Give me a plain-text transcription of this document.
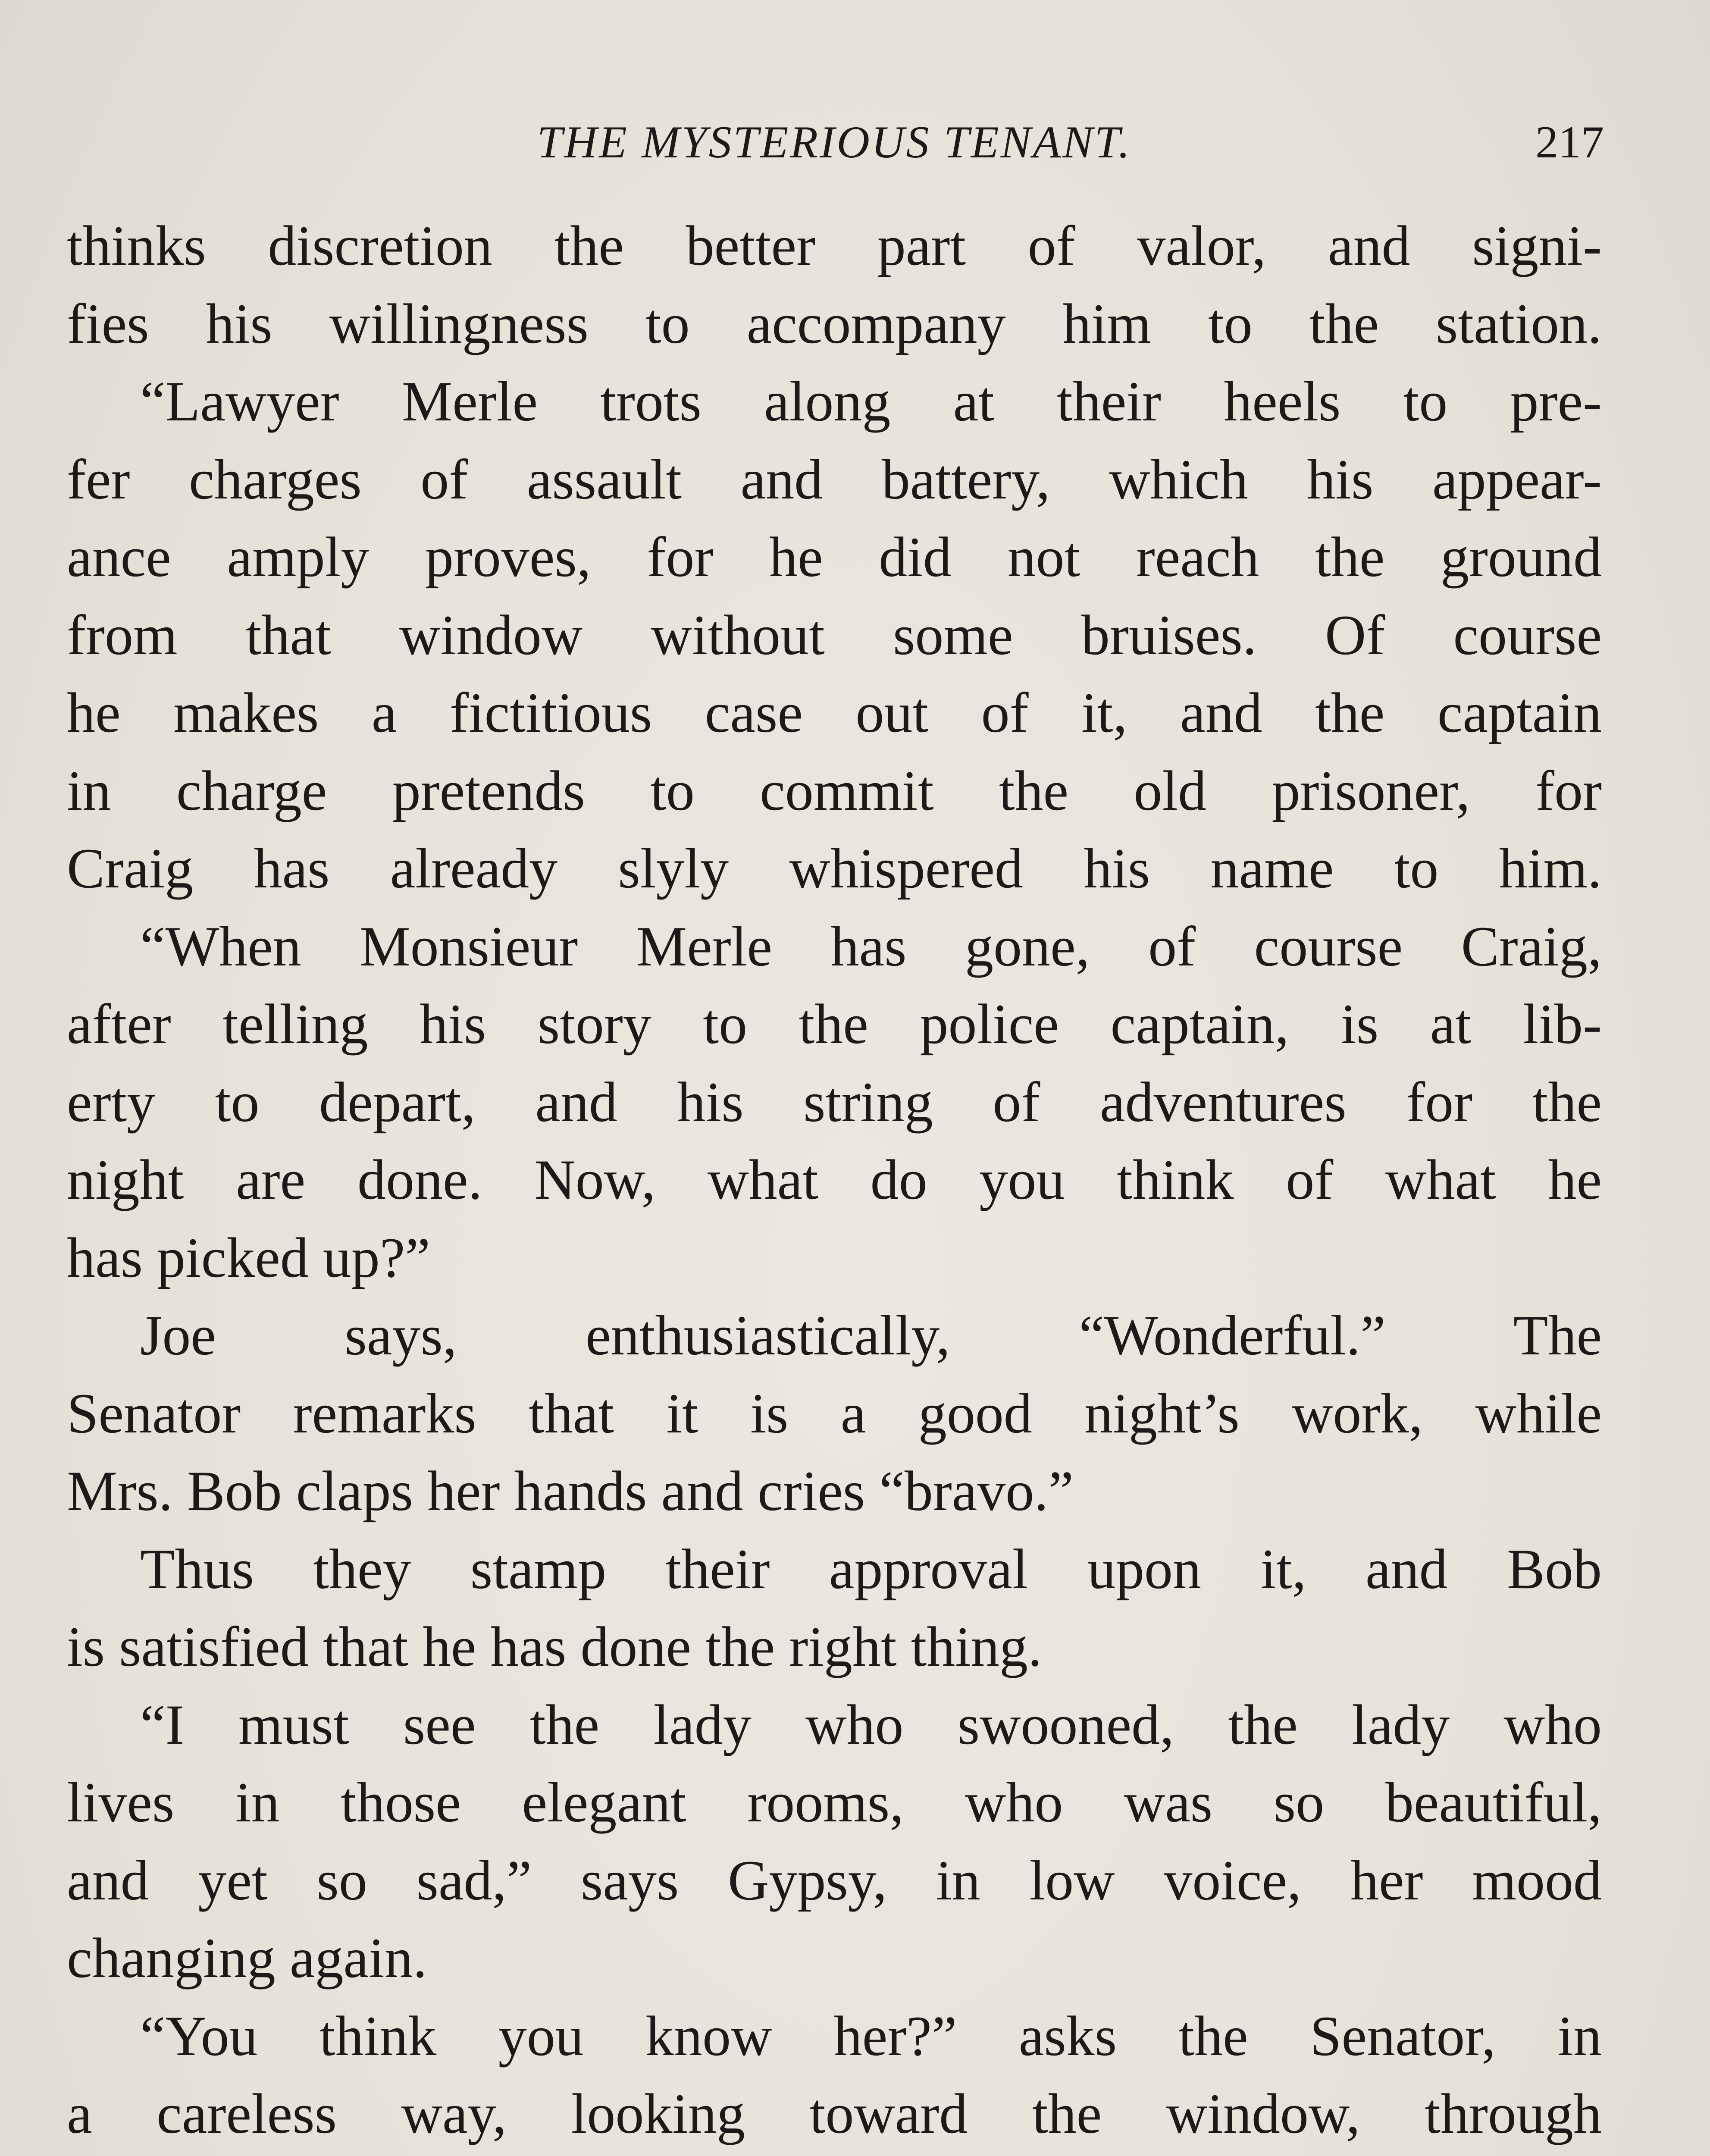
THE MYSTERIOUS TENANT.	217
thinks discretion the better part of valor, and signi-
fies his willingness to accompany him to the station.
“Lawyer Merle trots along at their heels to pre-
fer charges of assault and battery, which his appear-
ance amply proves, for he did not reach the ground
from that window without some bruises. Of course
he makes a fictitious case out of it, and the captain
in charge pretends to commit the old prisoner, for
Craig has already slyly whispered his name to him.
“When Monsieur Merle has gone, of course Craig,
after telling his story to the police captain, is at lib-
erty to depart, and his string of adventures for the
night are done. Now, what do you think of what he
has picked up?”
Joe says, enthusiastically, “Wonderful.” The
Senator remarks that it is a good night’s work, while
Mrs. Bob claps her hands and cries “bravo.”
Thus they stamp their approval upon it, and Bob
is satisfied that he has done the right thing.
“I must see the lady who swooned, the lady who
lives in those elegant rooms, who was so beautiful,
and yet so sad,” says Gypsy, in low voice, her mood
changing again.
“You think you know her?” asks the Senator, in
a careless way, looking toward the window, through
